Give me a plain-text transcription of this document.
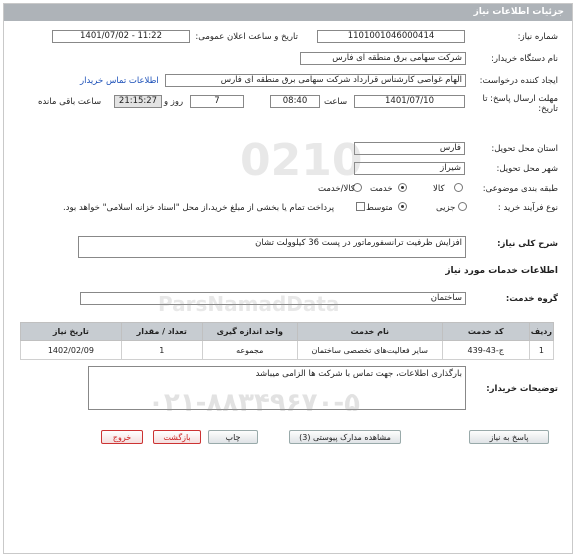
جزئیات اطلاعات نیاز
شماره نیاز:
1101001046000414
تاریخ و ساعت اعلان عمومی:
1401/07/02 - 11:22
نام دستگاه خریدار:
شرکت سهامی برق منطقه ای فارس
ایجاد کننده درخواست:
الهام غواصی کارشناس قرارداد شرکت سهامی برق منطقه ای فارس
اطلاعات تماس خریدار
مهلت ارسال پاسخ: تا تاریخ:
1401/07/10
ساعت
08:40
7
روز و
21:15:27
ساعت باقی مانده
استان محل تحویل:
فارس
شهر محل تحویل:
شیراز
طبقه بندی موضوعی:
کالا
خدمت
کالا/خدمت
نوع فرآیند خرید :
جزیی
متوسط
پرداخت تمام یا بخشی از مبلغ خرید،از محل "اسناد خزانه اسلامی" خواهد بود.
شرح کلی نیاز:
افزایش ظرفیت ترانسفورماتور در پست 36 کیلوولت تشان
اطلاعات خدمات مورد نیاز
گروه خدمت:
ساختمان
ردیف	کد خدمت	نام خدمت	واحد اندازه گیری	تعداد / مقدار	تاریخ نیاز
1	ج-43-439	سایر فعالیت‌های تخصصی ساختمان	مجموعه	1	1402/02/09
توضیحات خریدار:
بارگذاری اطلاعات، جهت تماس با شرکت ها الزامی میباشد
0210
ParsNamadData
۰۲۱-۸۸۳۴۹۶۷۰-۵
پاسخ به نیاز
مشاهده مدارک پیوستی (3)
چاپ
بازگشت
خروج
